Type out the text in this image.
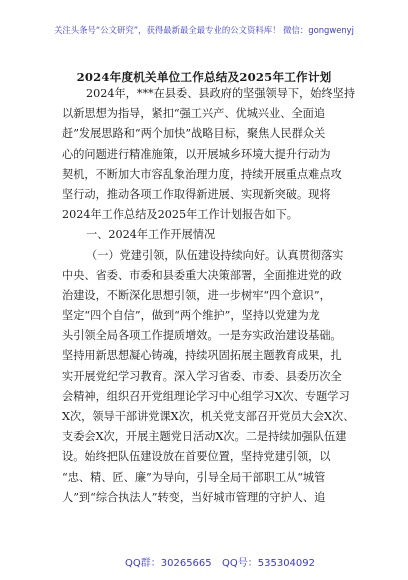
关注头条号“公文研究”，获得最新最全最专业的公文资料库！ 微信：gongwenyj
2024年度机关单位工作总结及2025年工作计划
2024年，***在县委、县政府的坚强领导下，始终坚持
以新思想为指导，紧扣“强工兴产、优城兴业、全面追
赶”发展思路和“两个加快”战略目标，聚焦人民群众关
心的问题进行精准施策，以开展城乡环境大提升行动为
契机，不断加大市容乱象治理力度，持续开展重点难点攻
坚行动，推动各项工作取得新进展、实现新突破。现将
2024年工作总结及2025年工作计划报告如下。
一、2024年工作开展情况
（一）党建引领，队伍建设持续向好。认真贯彻落实
中央、省委、市委和县委重大决策部署，全面推进党的政
治建设，不断深化思想引领，进一步树牢“四个意识”，
坚定“四个自信”，做到“两个维护”，坚持以党建为龙
头引领全局各项工作提质增效。一是夯实政治建设基础。
坚持用新思想凝心铸魂，持续巩固拓展主题教育成果，扎
实开展党纪学习教育。深入学习省委、市委、县委历次全
会精神，组织召开党组理论学习中心组学习X次、专题学习
X次，领导干部讲党课X次，机关党支部召开党员大会X次、
支委会X次，开展主题党日活动X次。二是持续加强队伍建
设。始终把队伍建设放在首要位置，坚持党建引领，以
“忠、精、匠、廉”为导向，引导全局干部职工从“城管
人”到“综合执法人”转变，当好城市管理的守护人、追
QQ群：30265665 QQ号：535304092
